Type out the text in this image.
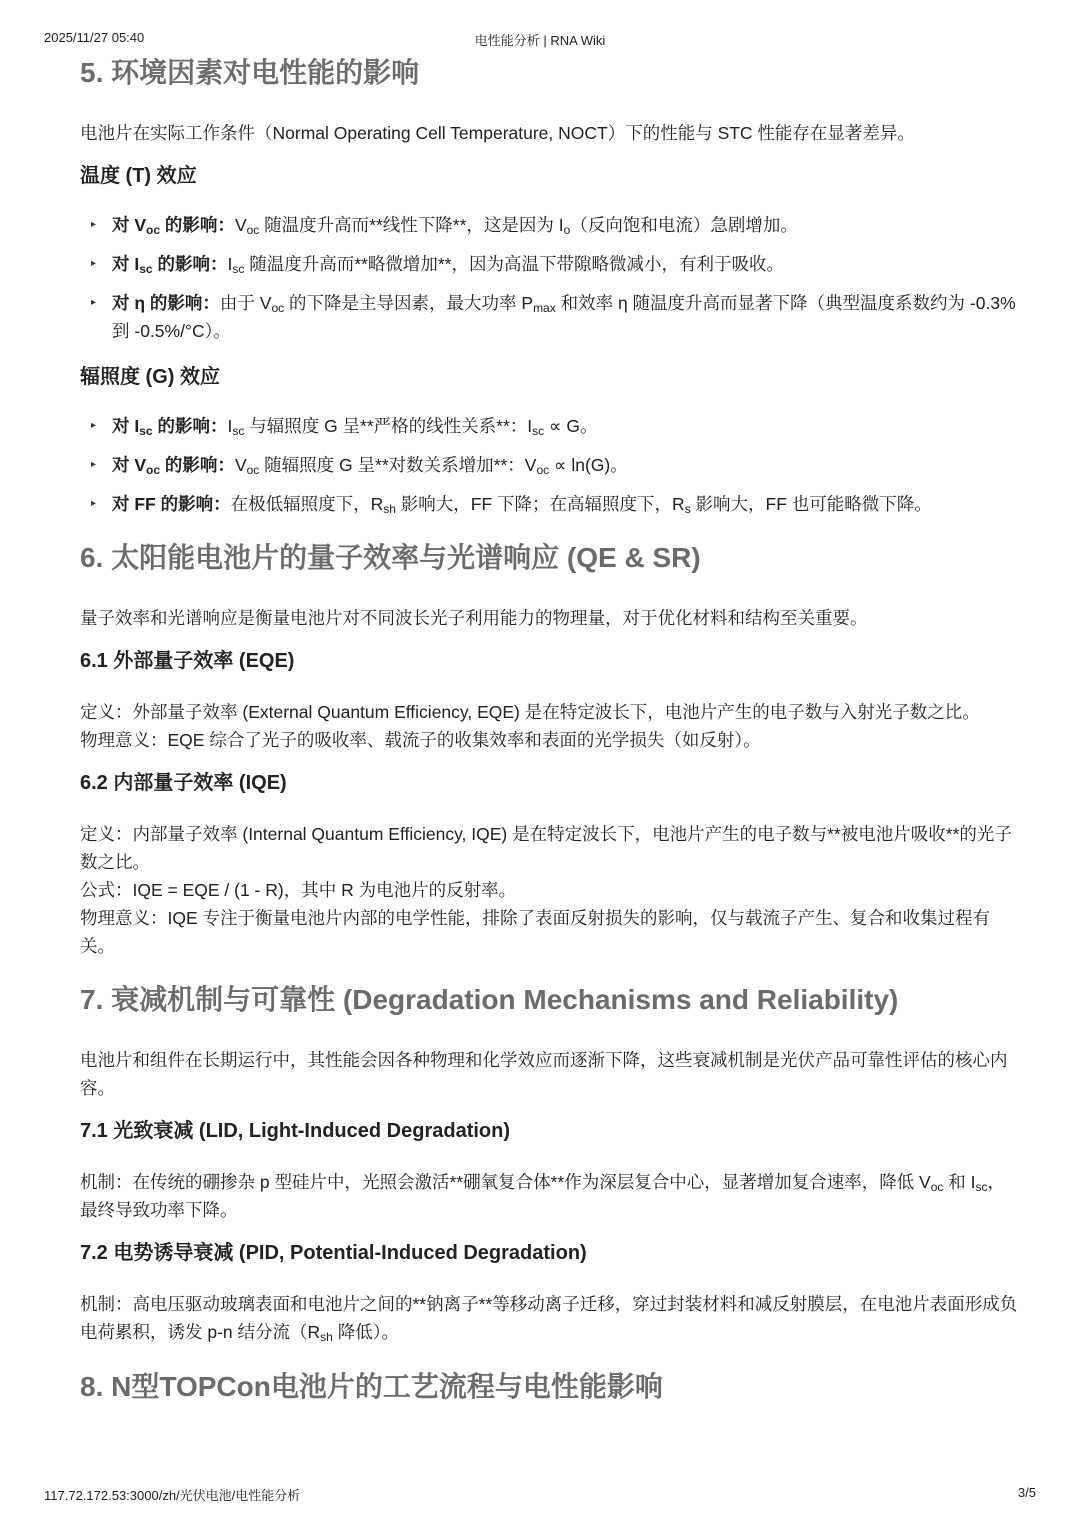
2025/11/27 05:40	电性能分析 | RNA Wiki
5. 环境因素对电性能的影响

电池片在实际工作条件（Normal Operating Cell Temperature, NOCT）下的性能与 STC 性能存在显著差异。

温度 (T) 效应
▸ 对 $V_{oc}$ 的影响：$V_{oc}$ 随温度升高而**线性下降**，这是因为 $I_o$（反向饱和电流）急剧增加。
▸ 对 $I_{sc}$ 的影响：$I_{sc}$ 随温度升高而**略微增加**，因为高温下带隙略微减小，有利于吸收。
▸ 对 η 的影响：由于 $V_{oc}$ 的下降是主导因素，最大功率 $P_{max}$ 和效率 η 随温度升高而显著下降（典型温度系数约为 -0.3% 到 -0.5%/°C）。
辐照度 (G) 效应
▸ 对 $I_{sc}$ 的影响：$I_{sc}$ 与辐照度 G 呈**严格的线性关系**：$I_{sc} \propto G$。
▸ 对 $V_{oc}$ 的影响：$V_{oc}$ 随辐照度 G 呈**对数关系增加**：$V_{oc} \propto \ln(G)$。
▸ 对 FF 的影响：在极低辐照度下，$R_{sh}$ 影响大，FF 下降；在高辐照度下，$R_s$ 影响大，FF 也可能略微下降。
6. 太阳能电池片的量子效率与光谱响应 (QE & SR)

量子效率和光谱响应是衡量电池片对不同波长光子利用能力的物理量，对于优化材料和结构至关重要。

6.1 外部量子效率 (EQE)

定义：外部量子效率 (External Quantum Efficiency, EQE) 是在特定波长下，电池片产生的电子数与入射光子数之比。

物理意义：EQE 综合了光子的吸收率、载流子的收集效率和表面的光学损失（如反射）。

6.2 内部量子效率 (IQE)

定义：内部量子效率 (Internal Quantum Efficiency, IQE) 是在特定波长下，电池片产生的电子数与**被电池片吸收**的光子数之比。

公式：IQE = EQE / (1 - R)，其中 R 为电池片的反射率。

物理意义：IQE 专注于衡量电池片内部的电学性能，排除了表面反射损失的影响，仅与载流子产生、复合和收集过程有关。

7. 衰减机制与可靠性 (Degradation Mechanisms and Reliability)

电池片和组件在长期运行中，其性能会因各种物理和化学效应而逐渐下降，这些衰减机制是光伏产品可靠性评估的核心内容。

7.1 光致衰减 (LID, Light-Induced Degradation)

机制：在传统的硼掺杂 p 型硅片中，光照会激活**硼氧复合体**作为深层复合中心，显著增加复合速率，降低 $V_{oc}$ 和 $I_{sc}$，最终导致功率下降。

7.2 电势诱导衰减 (PID, Potential-Induced Degradation)

机制：高电压驱动玻璃表面和电池片之间的**钠离子**等移动离子迁移，穿过封装材料和减反射膜层，在电池片表面形成负电荷累积，诱发 p-n 结分流（$R_{sh}$ 降低）。

8. N型TOPCon电池片的工艺流程与电性能影响
117.72.172.53:3000/zh/光伏电池/电性能分析	3/5
